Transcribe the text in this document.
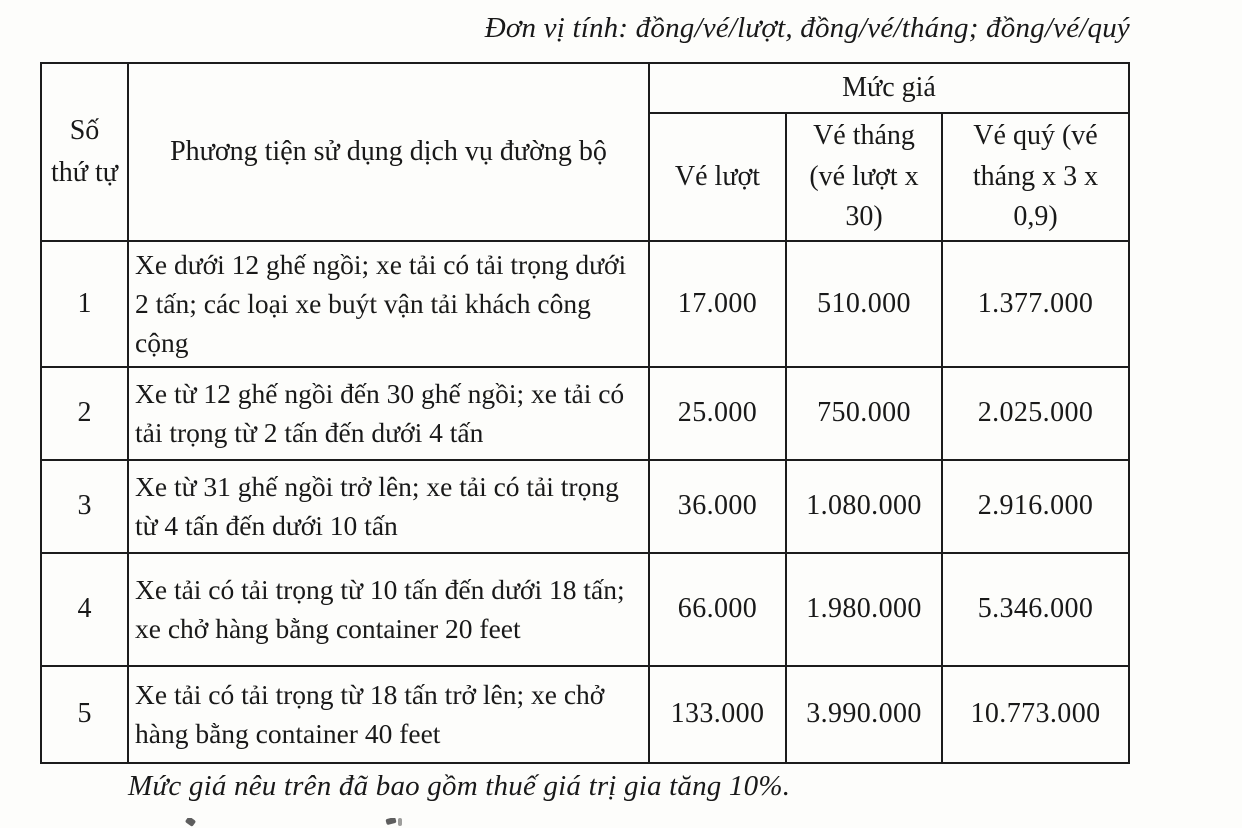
Đơn vị tính: đồng/vé/lượt, đồng/vé/tháng; đồng/vé/quý
Số thứ tự	Phương tiện sử dụng dịch vụ đường bộ	Mức giá		
		Vé lượt	Vé tháng (vé lượt x 30)	Vé quý (vé tháng x 3 x 0,9)
1	Xe dưới 12 ghế ngồi; xe tải có tải trọng dưới 2 tấn; các loại xe buýt vận tải khách công cộng	17.000	510.000	1.377.000
2	Xe từ 12 ghế ngồi đến 30 ghế ngồi; xe tải có tải trọng từ 2 tấn đến dưới 4 tấn	25.000	750.000	2.025.000
3	Xe từ 31 ghế ngồi trở lên; xe tải có tải trọng từ 4 tấn đến dưới 10 tấn	36.000	1.080.000	2.916.000
4	Xe tải có tải trọng từ 10 tấn đến dưới 18 tấn; xe chở hàng bằng container 20 feet	66.000	1.980.000	5.346.000
5	Xe tải có tải trọng từ 18 tấn trở lên; xe chở hàng bằng container 40 feet	133.000	3.990.000	10.773.000
Mức giá nêu trên đã bao gồm thuế giá trị gia tăng 10%.
